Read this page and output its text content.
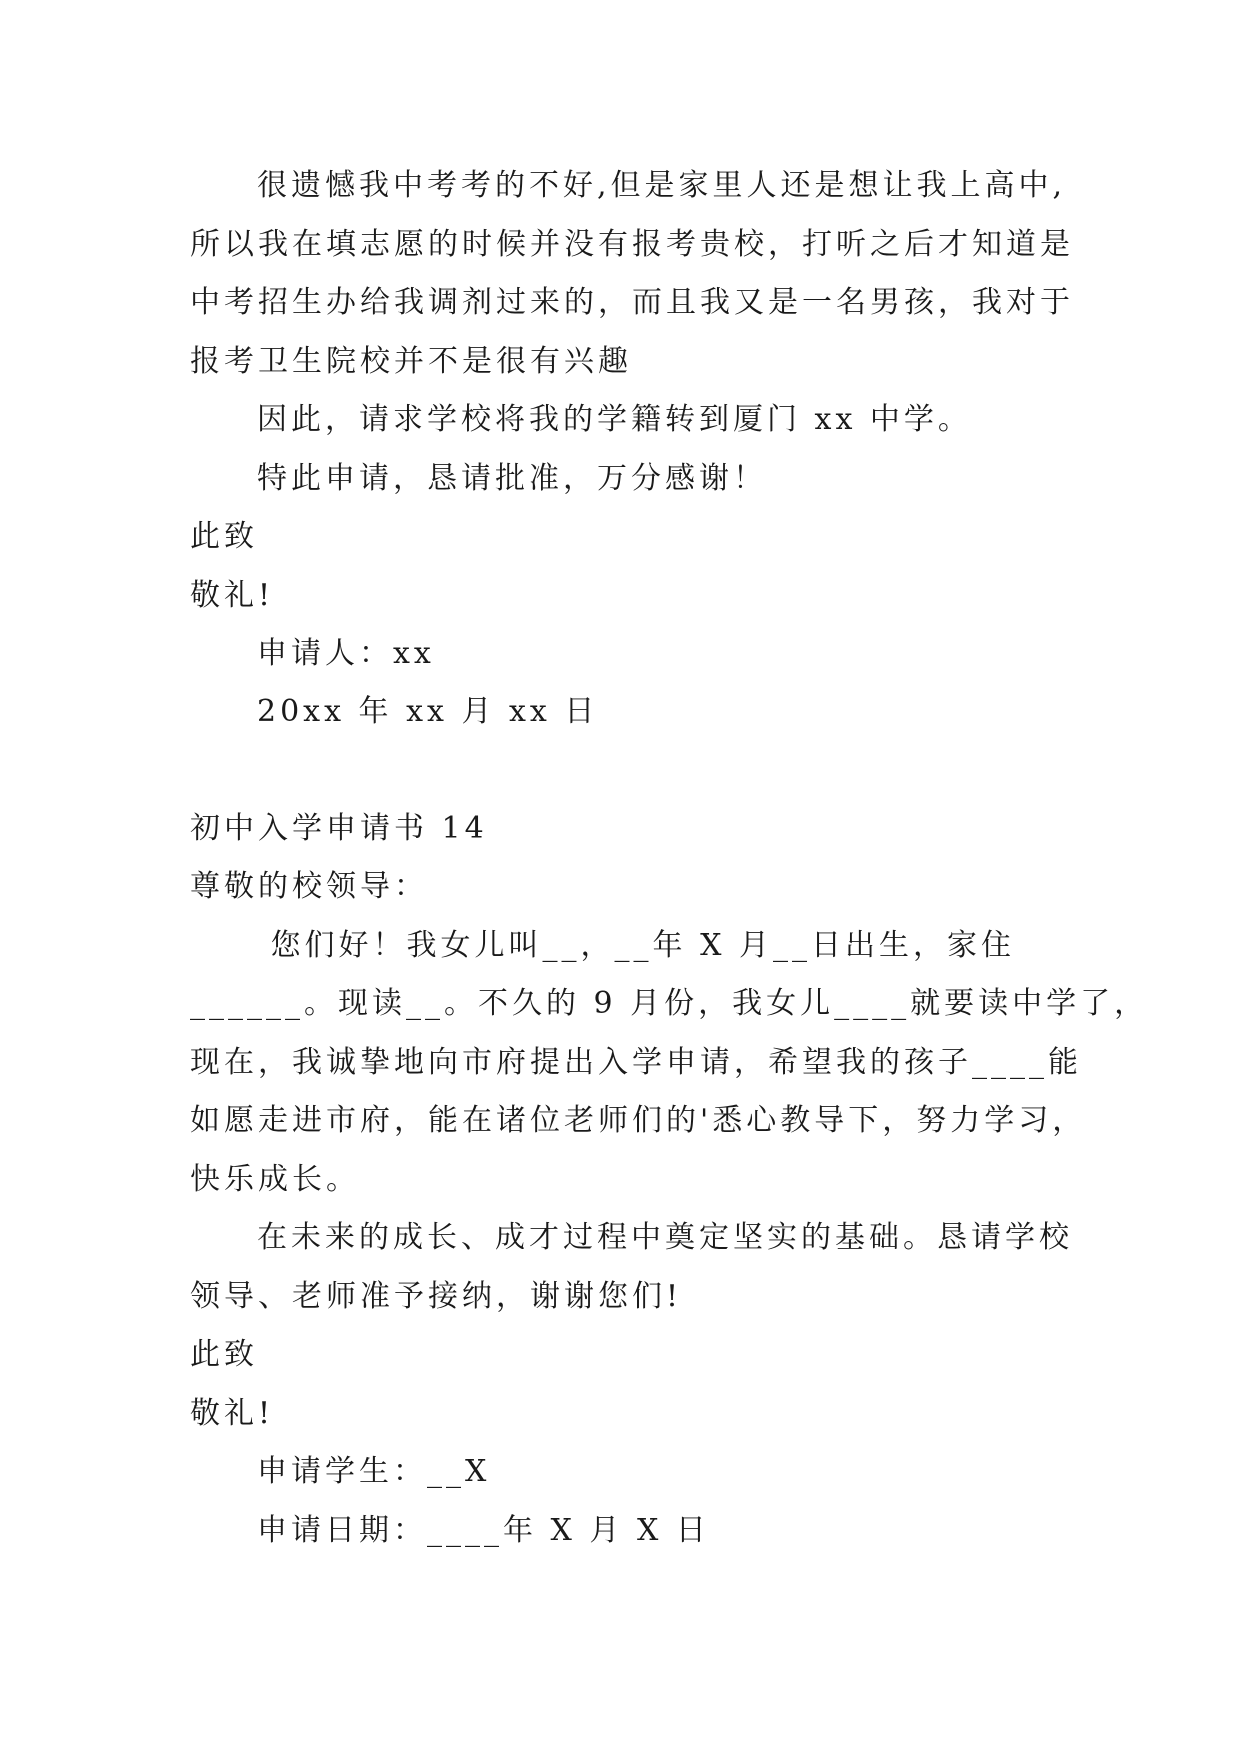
很遗憾我中考考的不好,但是家里人还是想让我上高中,
所以我在填志愿的时候并没有报考贵校，打听之后才知道是
中考招生办给我调剂过来的，而且我又是一名男孩，我对于
报考卫生院校并不是很有兴趣
因此，请求学校将我的学籍转到厦门 xx 中学。
特此申请，恳请批准，万分感谢！
此致
敬礼!
申请人：xx
20xx 年 xx 月 xx 日
初中入学申请书 14
尊敬的校领导：
您们好！我女儿叫__，__年 X 月__日出生，家住
______。现读__。不久的 9 月份，我女儿____就要读中学了，
现在，我诚挚地向市府提出入学申请，希望我的孩子____能
如愿走进市府，能在诸位老师们的'悉心教导下，努力学习，
快乐成长。
在未来的成长、成才过程中奠定坚实的基础。恳请学校
领导、老师准予接纳，谢谢您们!
此致
敬礼!
申请学生：__X
申请日期：____年 X 月 X 日
